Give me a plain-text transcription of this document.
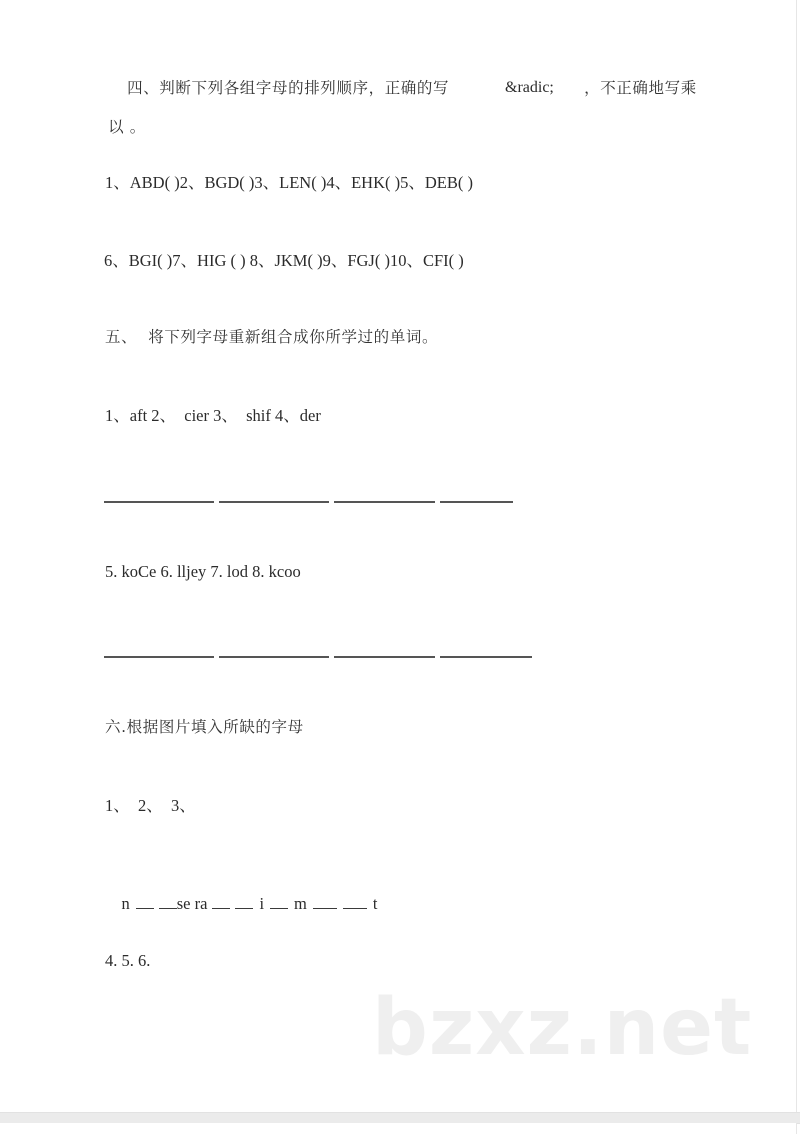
四、判断下列各组字母的排列顺序，正确的写
	&radic;
	，不正确地写乘

以 。

1、ABD( )2、BGD( )3、LEN( )4、EHK( )5、DEB( )
6、BGI( )7、HIG ( ) 8、JKM( )9、FGJ( )10、CFI( )
五、  将下列字母重新组合成你所学过的单词。
1、aft 2、  cier 3、  shif 4、der
5. koCe 6. lljey 7. lod 8. kcoo
六.根据图片填入所缺的字母
1、  2、  3、

n	se ra	i m	t

4. 5. 6.
bzxz.net
